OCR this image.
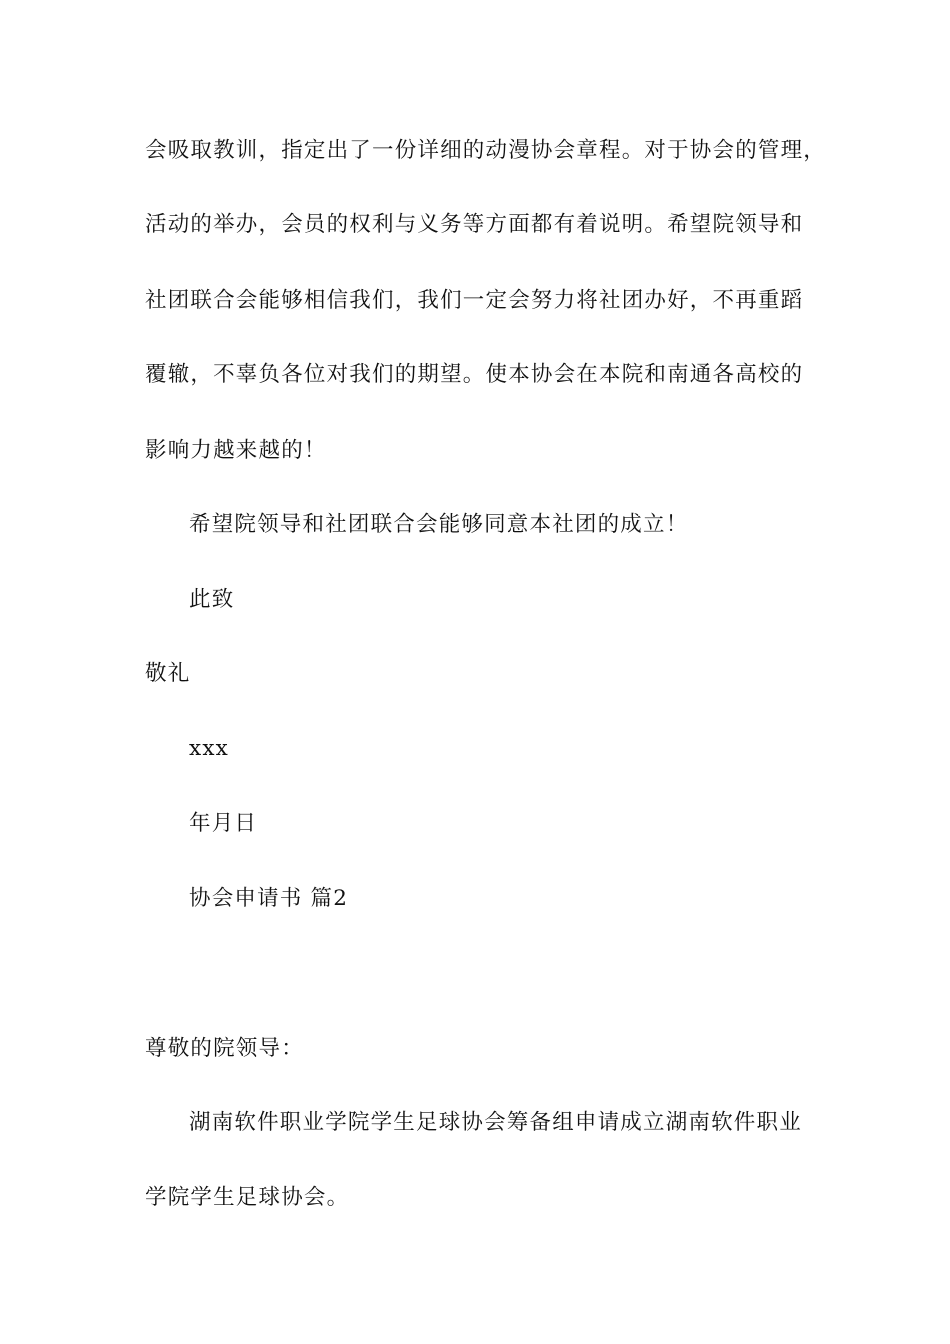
会吸取教训，指定出了一份详细的动漫协会章程。对于协会的管理，
活动的举办，会员的权利与义务等方面都有着说明。希望院领导和
社团联合会能够相信我们，我们一定会努力将社团办好，不再重蹈
覆辙，不辜负各位对我们的期望。使本协会在本院和南通各高校的
影响力越来越的！
希望院领导和社团联合会能够同意本社团的成立！
此致
敬礼
xxx
年月日
协会申请书 篇2
尊敬的院领导：
湖南软件职业学院学生足球协会筹备组申请成立湖南软件职业
学院学生足球协会。
